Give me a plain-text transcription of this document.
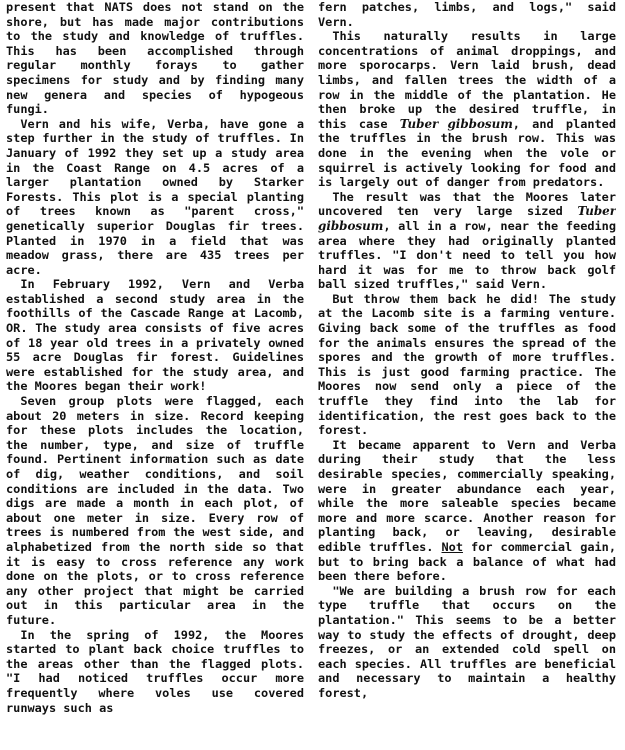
present that NATS does not stand on the shore, but has made major contributions to the study and knowledge of truffles. This has been accomplished through regular monthly forays to gather specimens for study and by finding many new genera and species of hypogeous fungi.

Vern and his wife, Verba, have gone a step further in the study of truffles. In January of 1992 they set up a study area in the Coast Range on 4.5 acres of a larger plantation owned by Starker Forests. This plot is a special planting of trees known as "parent cross," genetically superior Douglas fir trees. Planted in 1970 in a field that was meadow grass, there are 435 trees per acre.

In February 1992, Vern and Verba established a second study area in the foothills of the Cascade Range at Lacomb, OR. The study area consists of five acres of 18 year old trees in a privately owned 55 acre Douglas fir forest. Guidelines were established for the study area, and the Moores began their work!

Seven group plots were flagged, each about 20 meters in size. Record keeping for these plots includes the location, the number, type, and size of truffle found. Pertinent information such as date of dig, weather conditions, and soil conditions are included in the data. Two digs are made a month in each plot, of about one meter in size. Every row of trees is numbered from the west side, and alphabetized from the north side so that it is easy to cross reference any work done on the plots, or to cross reference any other project that might be carried out in this particular area in the future.

In the spring of 1992, the Moores started to plant back choice truffles to the areas other than the flagged plots. "I had noticed truffles occur more frequently where voles use covered runways such as

fern patches, limbs, and logs," said Vern.

This naturally results in large concentrations of animal droppings, and more sporocarps. Vern laid brush, dead limbs, and fallen trees the width of a row in the middle of the plantation. He then broke up the desired truffle, in this case Tuber gibbosum, and planted the truffles in the brush row. This was done in the evening when the vole or squirrel is actively looking for food and is largely out of danger from predators.

The result was that the Moores later uncovered ten very large sized Tuber gibbosum, all in a row, near the feeding area where they had originally planted truffles. "I don't need to tell you how hard it was for me to throw back golf ball sized truffles," said Vern.

But throw them back he did! The study at the Lacomb site is a farming venture. Giving back some of the truffles as food for the animals ensures the spread of the spores and the growth of more truffles. This is just good farming practice. The Moores now send only a piece of the truffle they find into the lab for identification, the rest goes back to the forest.

It became apparent to Vern and Verba during their study that the less desirable species, commercially speaking, were in greater abundance each year, while the more saleable species became more and more scarce. Another reason for planting back, or leaving, desirable edible truffles. Not for commercial gain, but to bring back a balance of what had been there before.

"We are building a brush row for each type truffle that occurs on the plantation." This seems to be a better way to study the effects of drought, deep freezes, or an extended cold spell on each species. All truffles are beneficial and necessary to maintain a healthy forest,
